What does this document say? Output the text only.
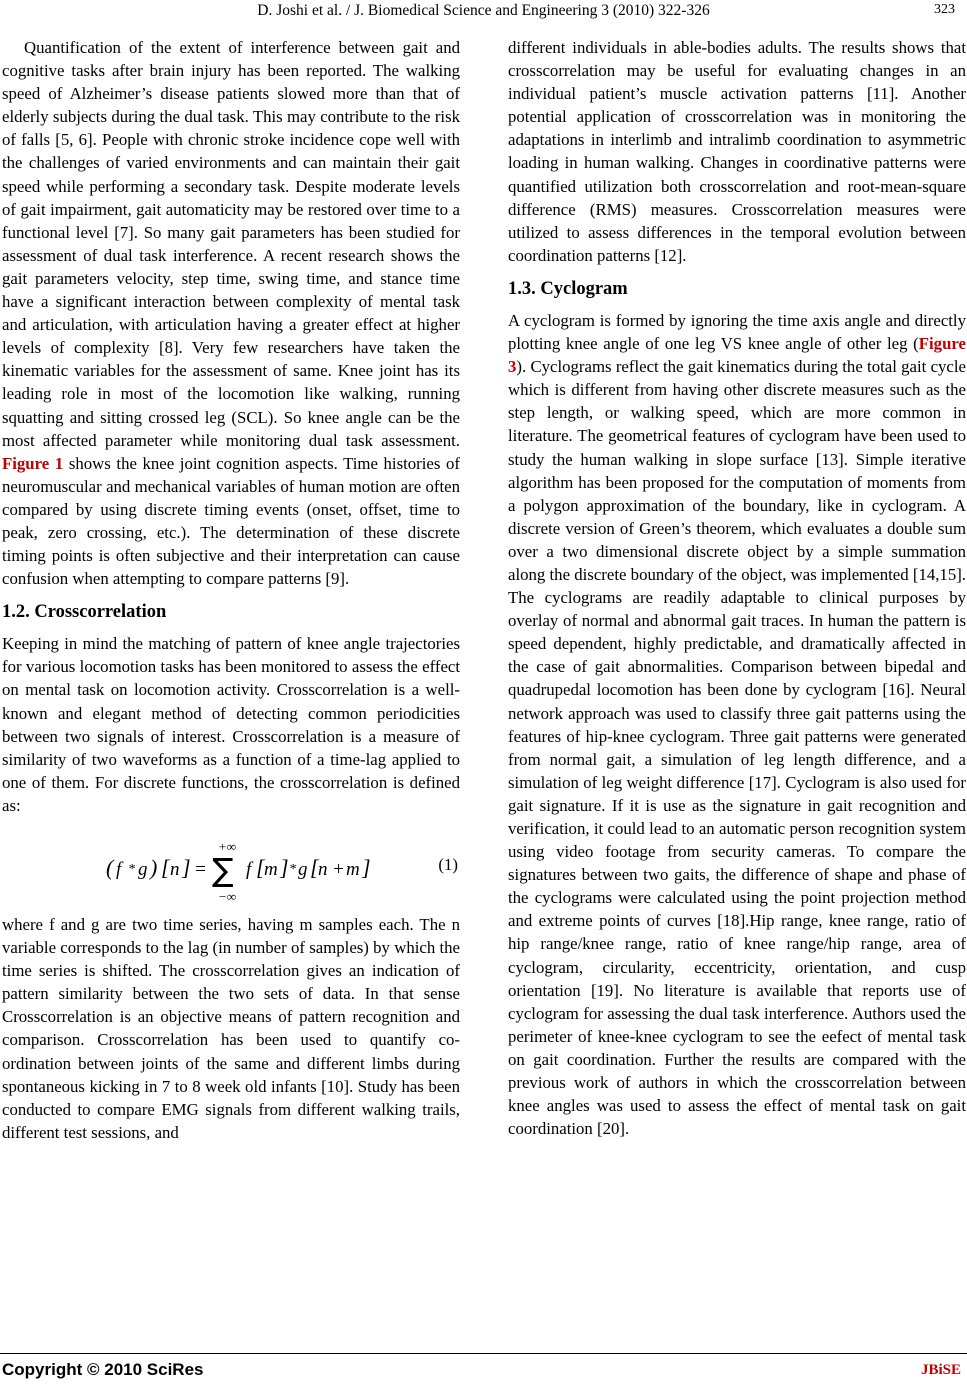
D. Joshi et al. / J. Biomedical Science and Engineering 3 (2010) 322-326	323

Quantification of the extent of interference between gait and cognitive tasks after brain injury has been reported. The walking speed of Alzheimer’s disease patients slowed more than that of elderly subjects during the dual task. This may contribute to the risk of falls [5, 6]. People with chronic stroke incidence cope well with the challenges of varied environments and can maintain their gait speed while performing a secondary task. Despite moderate levels of gait impairment, gait automaticity may be restored over time to a functional level [7]. So many gait parameters has been studied for assessment of dual task interference. A recent research shows the gait parameters velocity, step time, swing time, and stance time have a significant interaction between complexity of mental task and articulation, with articulation having a greater effect at higher levels of complexity [8]. Very few researchers have taken the kinematic variables for the assessment of same. Knee joint has its leading role in most of the locomotion like walking, running squatting and sitting crossed leg (SCL). So knee angle can be the most affected parameter while monitoring dual task assessment. Figure 1 shows the knee joint cognition aspects. Time histories of neuromuscular and mechanical variables of human motion are often compared by using discrete timing events (onset, offset, time to peak, zero crossing, etc.). The determination of these discrete timing points is often subjective and their interpretation can cause confusion when attempting to compare patterns [9].

1.2. Crosscorrelation

Keeping in mind the matching of pattern of knee angle trajectories for various locomotion tasks has been monitored to assess the effect on mental task on locomotion activity. Crosscorrelation is a well-known and elegant method of detecting common periodicities between two signals of interest. Crosscorrelation is a measure of similarity of two waveforms as a function of a time-lag applied to one of them. For discrete functions, the crosscorrelation is defined as:

( f * g ) [ n ] =
+∞
∑
−∞
f [ m ] * g [ n + m ]	(1)

where f and g are two time series, having m samples each. The n variable corresponds to the lag (in number of samples) by which the time series is shifted. The crosscorrelation gives an indication of pattern similarity between the two sets of data. In that sense Crosscorrelation is an objective means of pattern recognition and comparison. Crosscorrelation has been used to quantify co-ordination between joints of the same and different limbs during spontaneous kicking in 7 to 8 week old infants [10]. Study has been conducted to compare EMG signals from different walking trails, different test sessions, and

different individuals in able-bodies adults. The results shows that crosscorrelation may be useful for evaluating changes in an individual patient’s muscle activation patterns [11]. Another potential application of crosscorrelation was in monitoring the adaptations in interlimb and intralimb coordination to asymmetric loading in human walking. Changes in coordinative patterns were quantified utilization both crosscorrelation and root-mean-square difference (RMS) measures. Crosscorrelation measures were utilized to assess differences in the temporal evolution between coordination patterns [12].

1.3. Cyclogram

A cyclogram is formed by ignoring the time axis angle and directly plotting knee angle of one leg VS knee angle of other leg (Figure 3). Cyclograms reflect the gait kinematics during the total gait cycle which is different from having other discrete measures such as the step length, or walking speed, which are more common in literature. The geometrical features of cyclogram have been used to study the human walking in slope surface [13]. Simple iterative algorithm has been proposed for the computation of moments from a polygon approximation of the boundary, like in cyclogram. A discrete version of Green’s theorem, which evaluates a double sum over a two dimensional discrete object by a simple summation along the discrete boundary of the object, was implemented [14,15]. The cyclograms are readily adaptable to clinical purposes by overlay of normal and abnormal gait traces. In human the pattern is speed dependent, highly predictable, and dramatically affected in the case of gait abnormalities. Comparison between bipedal and quadrupedal locomotion has been done by cyclogram [16]. Neural network approach was used to classify three gait patterns using the features of hip-knee cyclogram. Three gait patterns were generated from normal gait, a simulation of leg length difference, and a simulation of leg weight difference [17]. Cyclogram is also used for gait signature. If it is use as the signature in gait recognition and verification, it could lead to an automatic person recognition system using video footage from security cameras. To compare the signatures between two gaits, the difference of shape and phase of the cyclograms were calculated using the point projection method and extreme points of curves [18].Hip range, knee range, ratio of hip range/knee range, ratio of knee range/hip range, area of cyclogram, circularity, eccentricity, orientation, and cusp orientation [19]. No literature is available that reports use of cyclogram for assessing the dual task interference. Authors used the perimeter of knee-knee cyclogram to see the eefect of mental task on gait coordination. Further the results are compared with the previous work of authors in which the crosscorrelation between knee angles was used to assess the effect of mental task on gait coordination [20].

Copyright © 2010 SciRes	JBiSE
